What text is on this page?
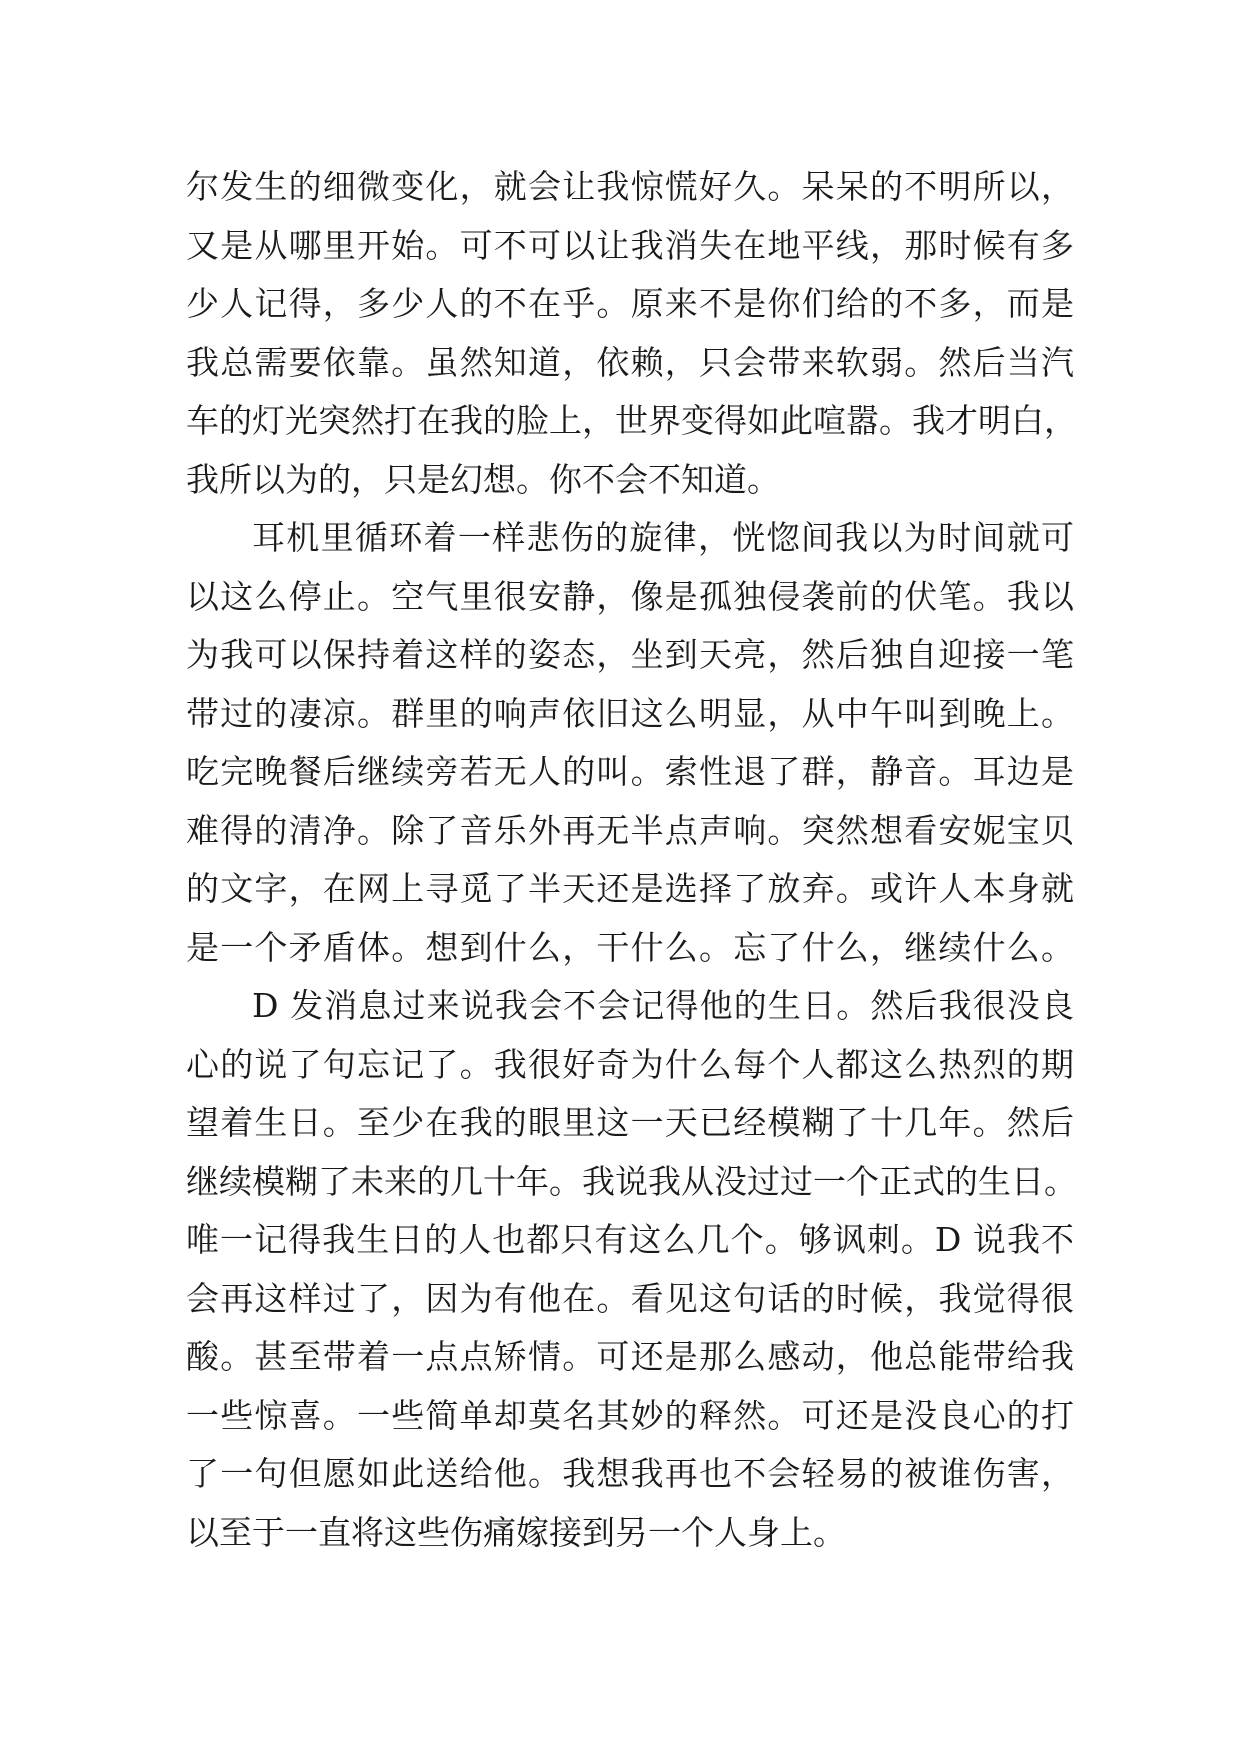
尔发生的细微变化，就会让我惊慌好久。呆呆的不明所以，
又是从哪里开始。可不可以让我消失在地平线，那时候有多
少人记得，多少人的不在乎。原来不是你们给的不多，而是
我总需要依靠。虽然知道，依赖，只会带来软弱。然后当汽
车的灯光突然打在我的脸上，世界变得如此喧嚣。我才明白，
我所以为的，只是幻想。你不会不知道。
耳机里循环着一样悲伤的旋律，恍惚间我以为时间就可
以这么停止。空气里很安静，像是孤独侵袭前的伏笔。我以
为我可以保持着这样的姿态，坐到天亮，然后独自迎接一笔
带过的凄凉。群里的响声依旧这么明显，从中午叫到晚上。
吃完晚餐后继续旁若无人的叫。索性退了群，静音。耳边是
难得的清净。除了音乐外再无半点声响。突然想看安妮宝贝
的文字，在网上寻觅了半天还是选择了放弃。或许人本身就
是一个矛盾体。想到什么，干什么。忘了什么，继续什么。
D 发消息过来说我会不会记得他的生日。然后我很没良
心的说了句忘记了。我很好奇为什么每个人都这么热烈的期
望着生日。至少在我的眼里这一天已经模糊了十几年。然后
继续模糊了未来的几十年。我说我从没过过一个正式的生日。
唯一记得我生日的人也都只有这么几个。够讽刺。D 说我不
会再这样过了，因为有他在。看见这句话的时候，我觉得很
酸。甚至带着一点点矫情。可还是那么感动，他总能带给我
一些惊喜。一些简单却莫名其妙的释然。可还是没良心的打
了一句但愿如此送给他。我想我再也不会轻易的被谁伤害，
以至于一直将这些伤痛嫁接到另一个人身上。
